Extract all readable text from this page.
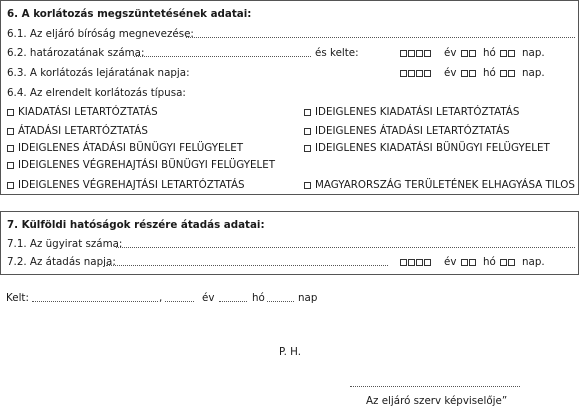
6. A korlátozás megszüntetésének adatai:
6.1. Az eljáró bíróság megnevezése:
6.2. határozatának száma:	és kelte:	év	hó	nap.
6.3. A korlátozás lejáratának napja:	év	hó	nap.
6.4. Az elrendelt korlátozás típusa:
KIADATÁSI LETARTÓZTATÁS	IDEIGLENES KIADATÁSI LETARTÓZTATÁS
ÁTADÁSI LETARTÓZTATÁS	IDEIGLENES ÁTADÁSI LETARTÓZTATÁS
IDEIGLENES ÁTADÁSI BÜNÜGYI FELÜGYELET	IDEIGLENES KIADATÁSI BÜNÜGYI FELÜGYELET
IDEIGLENES VÉGREHAJTÁSI BÜNÜGYI FELÜGYELET
IDEIGLENES VÉGREHAJTÁSI LETARTÓZTATÁS	MAGYARORSZÁG TERÜLETÉNEK ELHAGYÁSA TILOS
7. Külföldi hatóságok részére átadás adatai:
7.1. Az ügyirat száma:
7.2. Az átadás napja:	év	hó	nap.
Kelt:	,	év	hó	nap
P. H.
Az eljáró szerv képviselője”
